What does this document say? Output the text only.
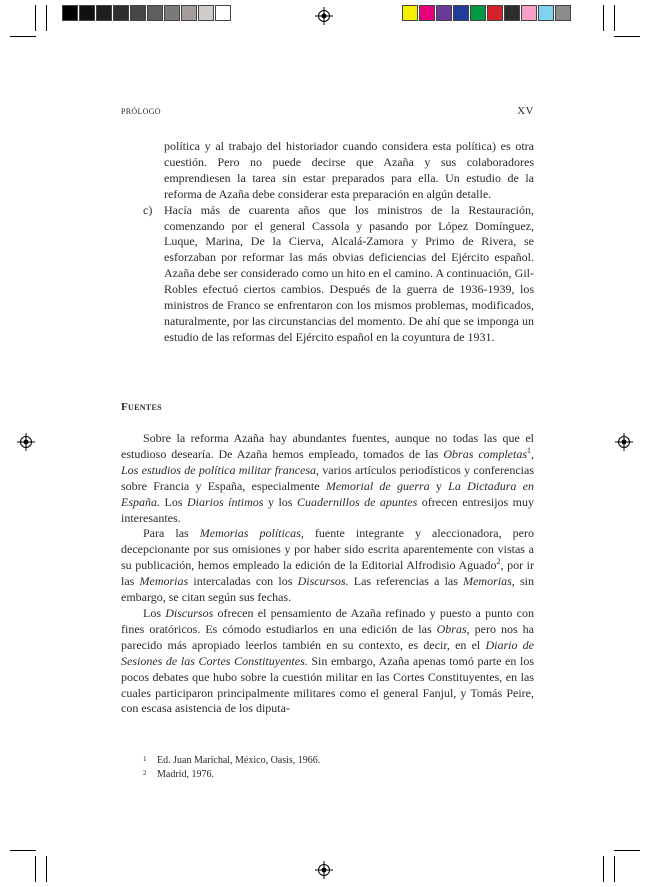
PRÓLOGO	XV
política y al trabajo del historiador cuando considera esta política) es otra cuestión. Pero no puede decirse que Azaña y sus colaboradores emprendiesen la tarea sin estar preparados para ella. Un estudio de la reforma de Azaña debe considerar esta preparación en algún detalle.
c) Hacía más de cuarenta años que los ministros de la Restauración, comenzando por el general Cassola y pasando por López Domínguez, Luque, Marina, De la Cierva, Alcalá-Zamora y Primo de Rivera, se esforzaban por reformar las más obvias deficiencias del Ejército español. Azaña debe ser considerado como un hito en el camino. A continuación, Gil-Robles efectuó ciertos cambios. Después de la guerra de 1936-1939, los ministros de Franco se enfrentaron con los mismos problemas, modificados, naturalmente, por las circunstancias del momento. De ahí que se imponga un estudio de las reformas del Ejército español en la coyuntura de 1931.
Fuentes

Sobre la reforma Azaña hay abundantes fuentes, aunque no todas las que el estudioso desearía. De Azaña hemos empleado, tomados de las Obras completas$^1$, Los estudios de política militar francesa, varios artículos periodísticos y conferencias sobre Francia y España, especialmente Memorial de guerra y La Dictadura en España. Los Diarios íntimos y los Cuadernillos de apuntes ofrecen entresijos muy interesantes.

Para las Memorias políticas, fuente integrante y aleccionadora, pero decepcionante por sus omisiones y por haber sido escrita aparentemente con vistas a su publicación, hemos empleado la edición de la Editorial Alfrodisio Aguado$^2$, por ir las Memorias intercaladas con los Discursos. Las referencias a las Memorias, sin embargo, se citan según sus fechas.

Los Discursos ofrecen el pensamiento de Azaña refinado y puesto a punto con fines oratóricos. Es cómodo estudiarlos en una edición de las Obras, pero nos ha parecido más apropiado leerlos también en su contexto, es decir, en el Diario de Sesiones de las Cortes Constituyentes. Sin embargo, Azaña apenas tomó parte en los pocos debates que hubo sobre la cuestión militar en las Cortes Constituyentes, en las cuales participaron principalmente militares como el general Fanjul, y Tomás Peire, con escasa asistencia de los diputa-

1	Ed. Juan Marichal, México, Oasis, 1966.
2	Madrid, 1976.
